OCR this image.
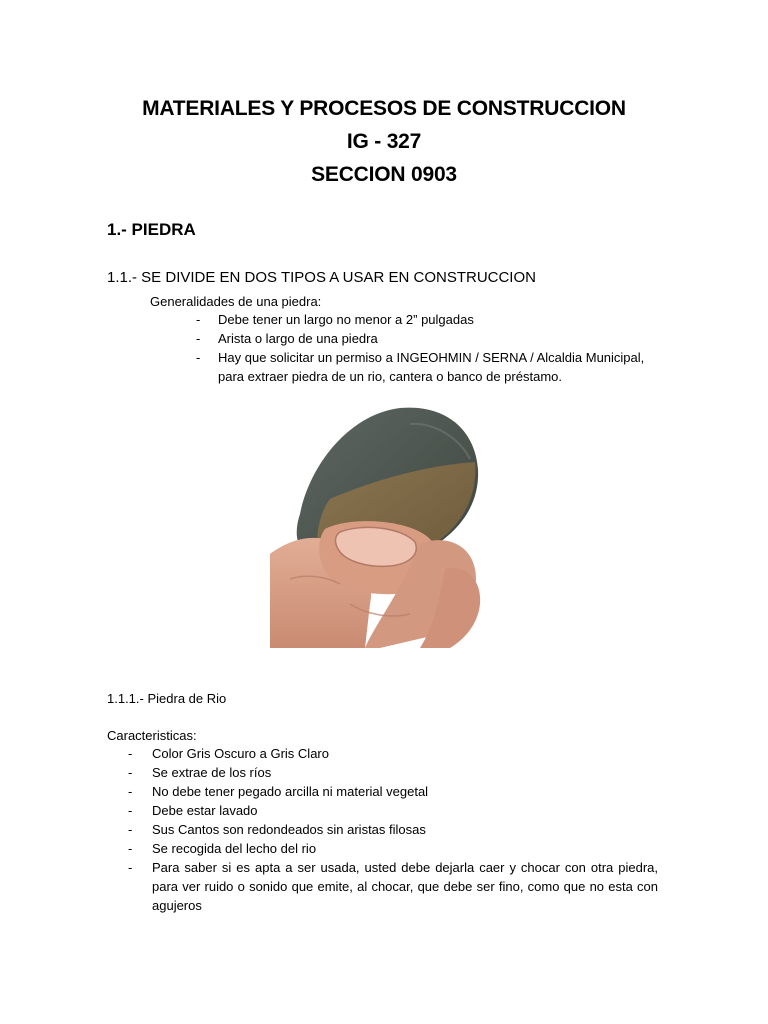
MATERIALES Y PROCESOS DE CONSTRUCCION

IG - 327

SECCION 0903

1.- PIEDRA

1.1.- SE DIVIDE EN DOS TIPOS A USAR EN CONSTRUCCION

Generalidades de una piedra:

- Debe tener un largo no menor a 2” pulgadas
- Arista o largo de una piedra
- Hay que solicitar un permiso a INGEOHMIN / SERNA / Alcaldia Municipal, para extraer piedra de un rio, cantera o banco de préstamo.

1.1.1.- Piedra de Rio

Caracteristicas:

- Color Gris Oscuro a Gris Claro
- Se extrae de los ríos
- No debe tener pegado arcilla ni material vegetal
- Debe estar lavado
- Sus Cantos son redondeados sin aristas filosas
- Se recogida del lecho del rio
- Para saber si es apta a ser usada, usted debe dejarla caer y chocar con otra piedra, para ver ruido o sonido que emite, al chocar, que debe ser fino, como que no esta con agujeros
